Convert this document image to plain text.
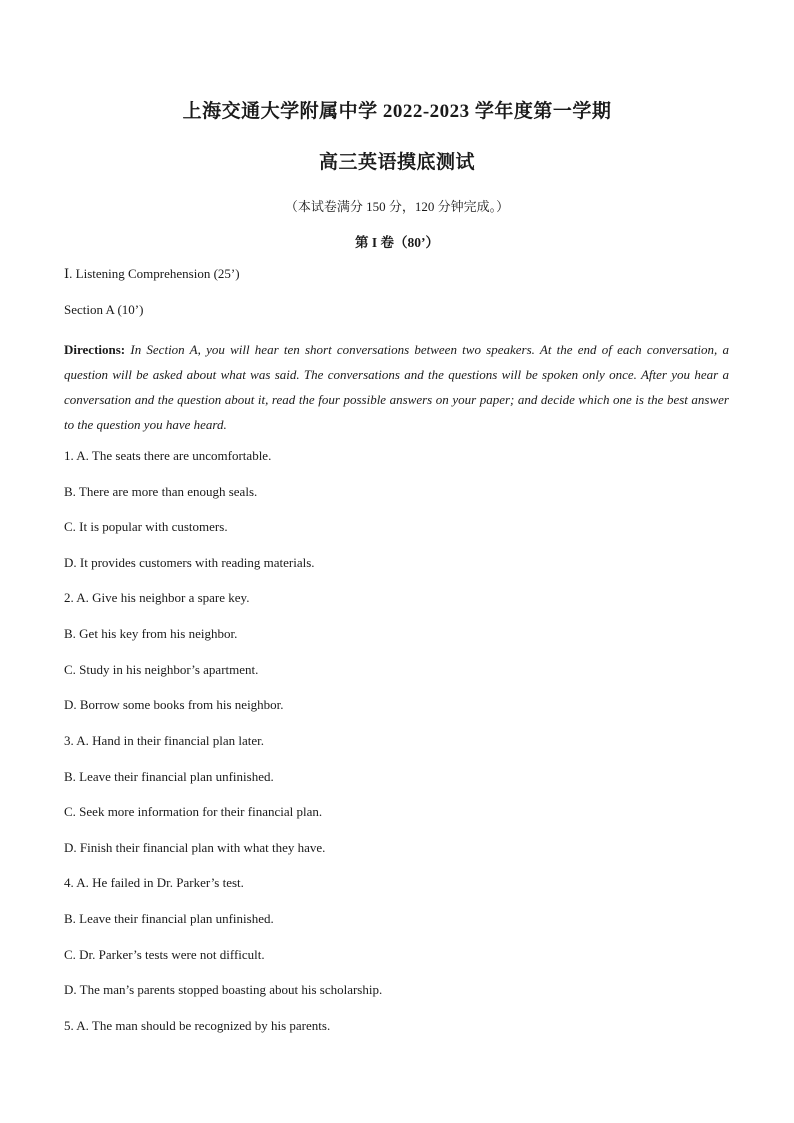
上海交通大学附属中学 2022-2023 学年度第一学期
高三英语摸底测试
（本试卷满分 150 分，120 分钟完成。）
第 I 卷（80’）
Ⅰ. Listening Comprehension (25’)
Section A (10’)
Directions: In Section A, you will hear ten short conversations between two speakers. At the end of each conversation, a question will be asked about what was said. The conversations and the questions will be spoken only once. After you hear a conversation and the question about it, read the four possible answers on your paper; and decide which one is the best answer to the question you have heard.
1. A. The seats there are uncomfortable.
B. There are more than enough seals.
C. It is popular with customers.
D. It provides customers with reading materials.
2. A. Give his neighbor a spare key.
B. Get his key from his neighbor.
C. Study in his neighbor’s apartment.
D. Borrow some books from his neighbor.
3. A. Hand in their financial plan later.
B. Leave their financial plan unfinished.
C. Seek more information for their financial plan.
D. Finish their financial plan with what they have.
4. A. He failed in Dr. Parker’s test.
B. Leave their financial plan unfinished.
C. Dr. Parker’s tests were not difficult.
D. The man’s parents stopped boasting about his scholarship.
5. A. The man should be recognized by his parents.
